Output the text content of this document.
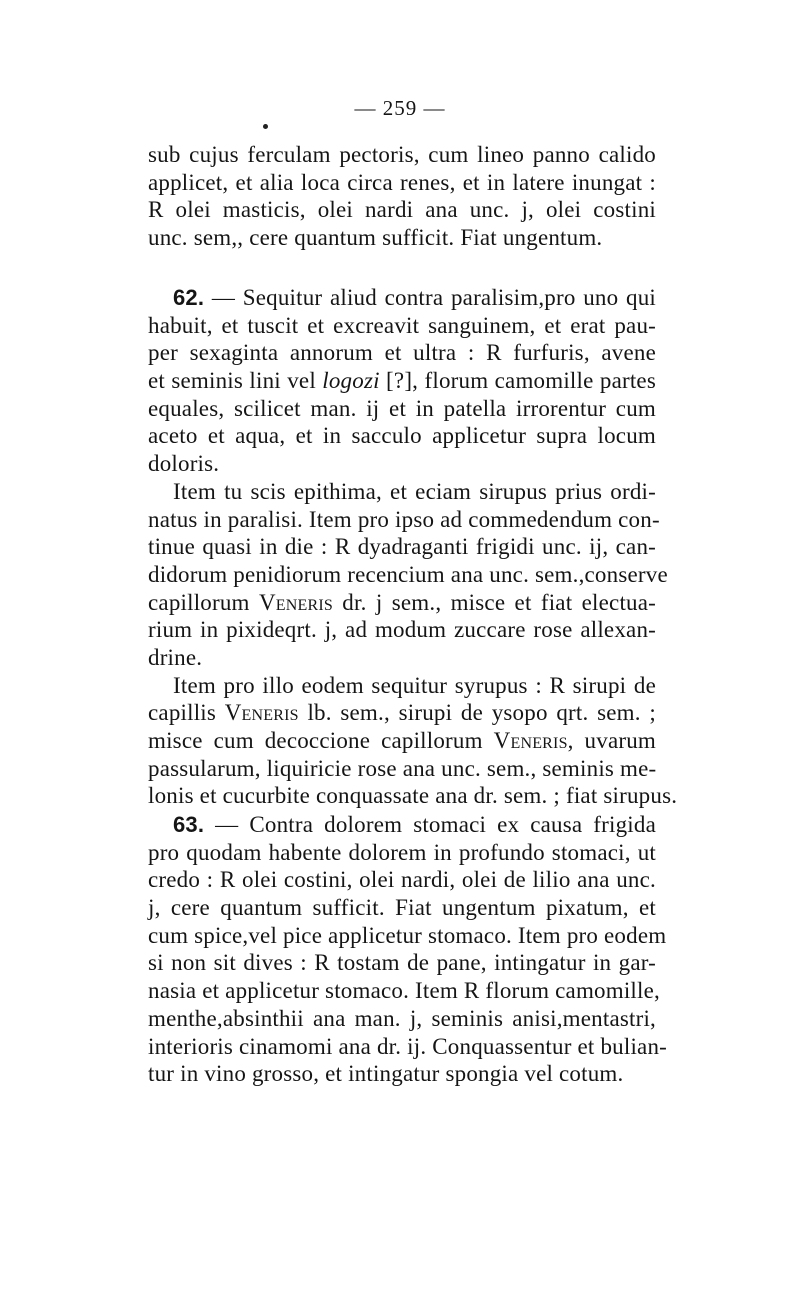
— 259 —
sub cujus ferculam pectoris, cum lineo panno calido
applicet, et alia loca circa renes, et in latere inungat :
R olei masticis, olei nardi ana unc. j, olei costini
unc. sem,, cere quantum sufficit. Fiat ungentum.
62. — Sequitur aliud contra paralisim,pro uno qui
habuit, et tuscit et excreavit sanguinem, et erat pau-
per sexaginta annorum et ultra : R furfuris, avene
et seminis lini vel logozi [?], florum camomille partes
equales, scilicet man. ij et in patella irrorentur cum
aceto et aqua, et in sacculo applicetur supra locum
doloris.
Item tu scis epithima, et eciam sirupus prius ordi-
natus in paralisi. Item pro ipso ad commedendum con-
tinue quasi in die : R dyadraganti frigidi unc. ij, can-
didorum penidiorum recencium ana unc. sem.,conserve
capillorum Veneris dr. j sem., misce et fiat electua-
rium in pixideqrt. j, ad modum zuccare rose allexan-
drine.
Item pro illo eodem sequitur syrupus : R sirupi de
capillis Veneris lb. sem., sirupi de ysopo qrt. sem. ;
misce cum decoccione capillorum Veneris, uvarum
passularum, liquiricie rose ana unc. sem., seminis me-
lonis et cucurbite conquassate ana dr. sem. ; fiat sirupus.
63. — Contra dolorem stomaci ex causa frigida
pro quodam habente dolorem in profundo stomaci, ut
credo : R olei costini, olei nardi, olei de lilio ana unc.
j, cere quantum sufficit. Fiat ungentum pixatum, et
cum spice,vel pice applicetur stomaco. Item pro eodem
si non sit dives : R tostam de pane, intingatur in gar-
nasia et applicetur stomaco. Item R florum camomille,
menthe,absinthii ana man. j, seminis anisi,mentastri,
interioris cinamomi ana dr. ij. Conquassentur et bulian-
tur in vino grosso, et intingatur spongia vel cotum.
